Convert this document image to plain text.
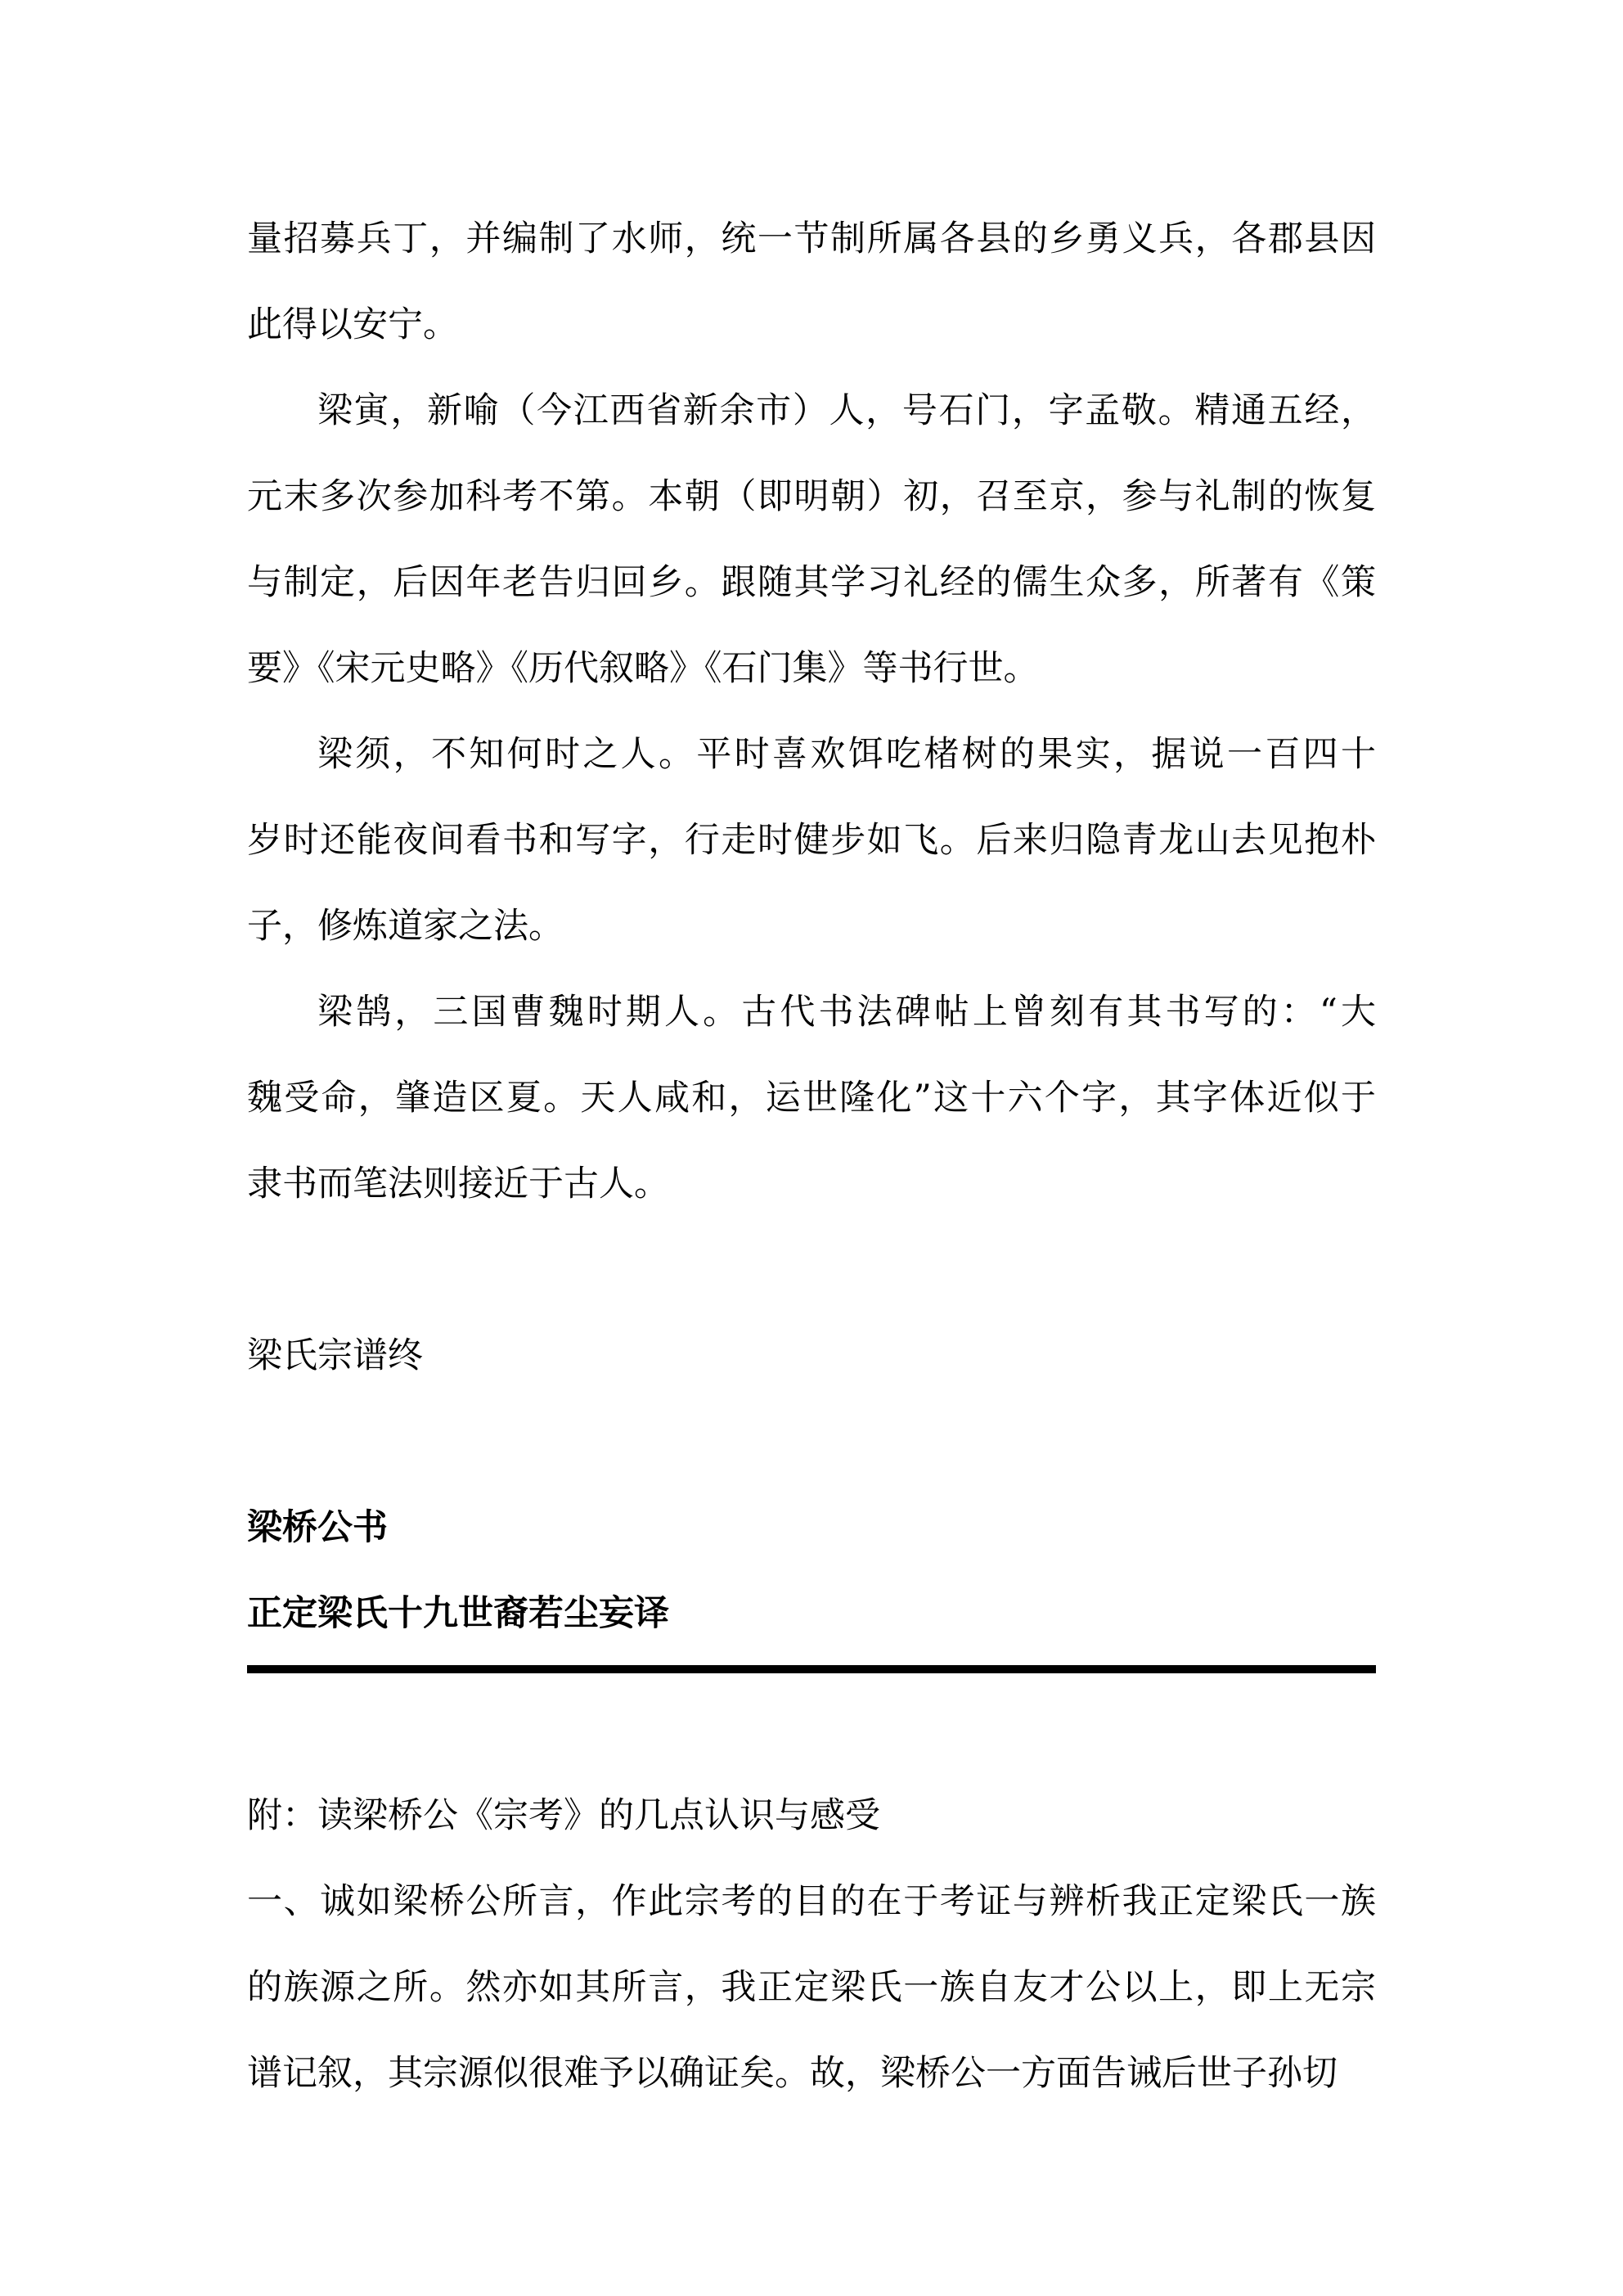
量招募兵丁，并编制了水师，统一节制所属各县的乡勇义兵，各郡县因
此得以安宁。
梁寅，新喻（今江西省新余市）人，号石门，字孟敬。精通五经，
元末多次参加科考不第。本朝（即明朝）初，召至京，参与礼制的恢复
与制定，后因年老告归回乡。跟随其学习礼经的儒生众多，所著有《策
要》《宋元史略》《历代叙略》《石门集》等书行世。
梁须，不知何时之人。平时喜欢饵吃楮树的果实，据说一百四十
岁时还能夜间看书和写字，行走时健步如飞。后来归隐青龙山去见抱朴
子，修炼道家之法。
梁鹄，三国曹魏时期人。古代书法碑帖上曾刻有其书写的：“大
魏受命，肇造区夏。天人咸和，运世隆化”这十六个字，其字体近似于
隶书而笔法则接近于古人。
梁氏宗谱终
梁桥公书
正定梁氏十九世裔若尘妄译
附：读梁桥公《宗考》的几点认识与感受
一、诚如梁桥公所言，作此宗考的目的在于考证与辨析我正定梁氏一族
的族源之所。然亦如其所言，我正定梁氏一族自友才公以上，即上无宗
谱记叙，其宗源似很难予以确证矣。故，梁桥公一方面告诫后世子孙切
